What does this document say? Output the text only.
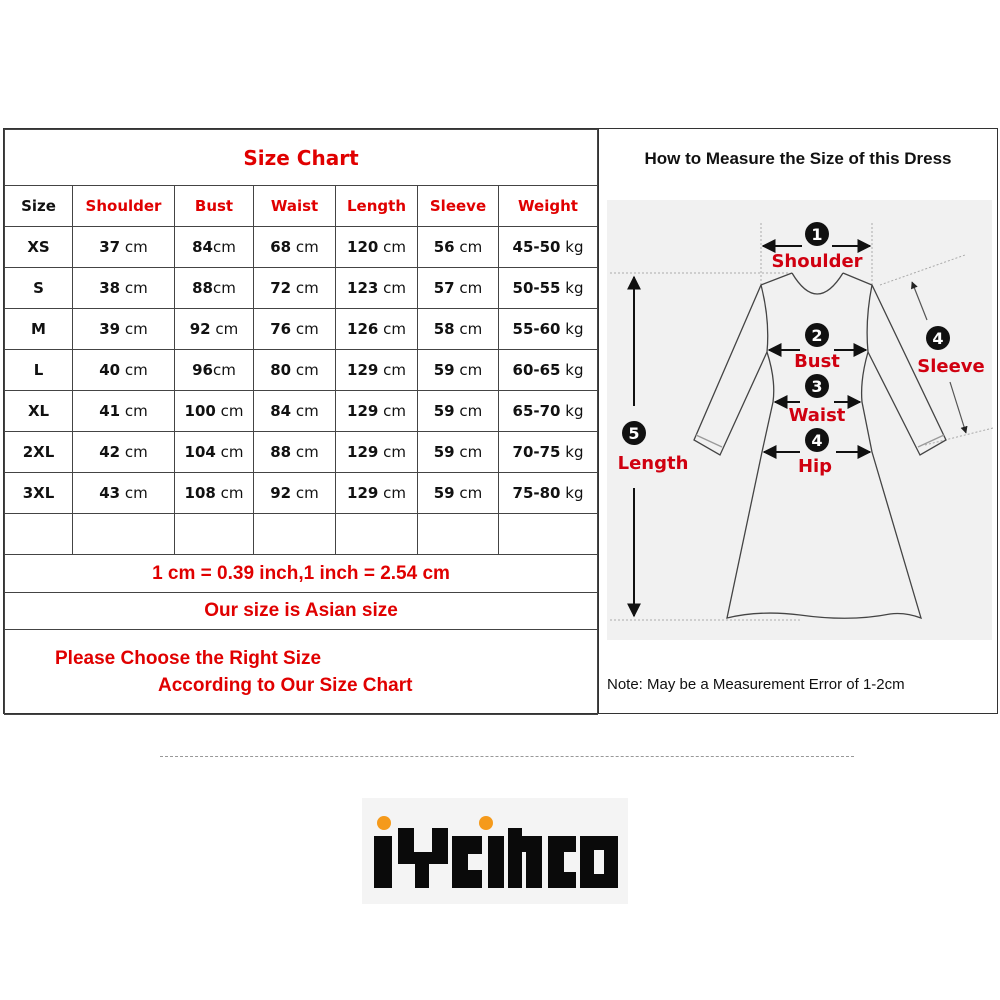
Size Chart						
Size	Shoulder	Bust	Waist	Length	Sleeve	Weight
XS	37 cm	84cm	68 cm	120 cm	56 cm	45-50 kg
S	38 cm	88cm	72 cm	123 cm	57 cm	50-55 kg
M	39 cm	92 cm	76 cm	126 cm	58 cm	55-60 kg
L	40 cm	96cm	80 cm	129 cm	59 cm	60-65 kg
XL	41 cm	100 cm	84 cm	129 cm	59 cm	65-70 kg
2XL	42 cm	104 cm	88 cm	129 cm	59 cm	70-75 kg
3XL	43 cm	108 cm	92 cm	129 cm	59 cm	75-80 kg

1 cm = 0.39 inch,1 inch = 2.54 cm						
Our size is Asian size						

Please Choose the Right Size
According to Our Size Chart						
How to Measure the Size of this Dress
Note: May be a Measurement Error of 1-2cm
1
2
3
4
4
5
Shoulder
Bust
Waist
Hip
Sleeve
Length
